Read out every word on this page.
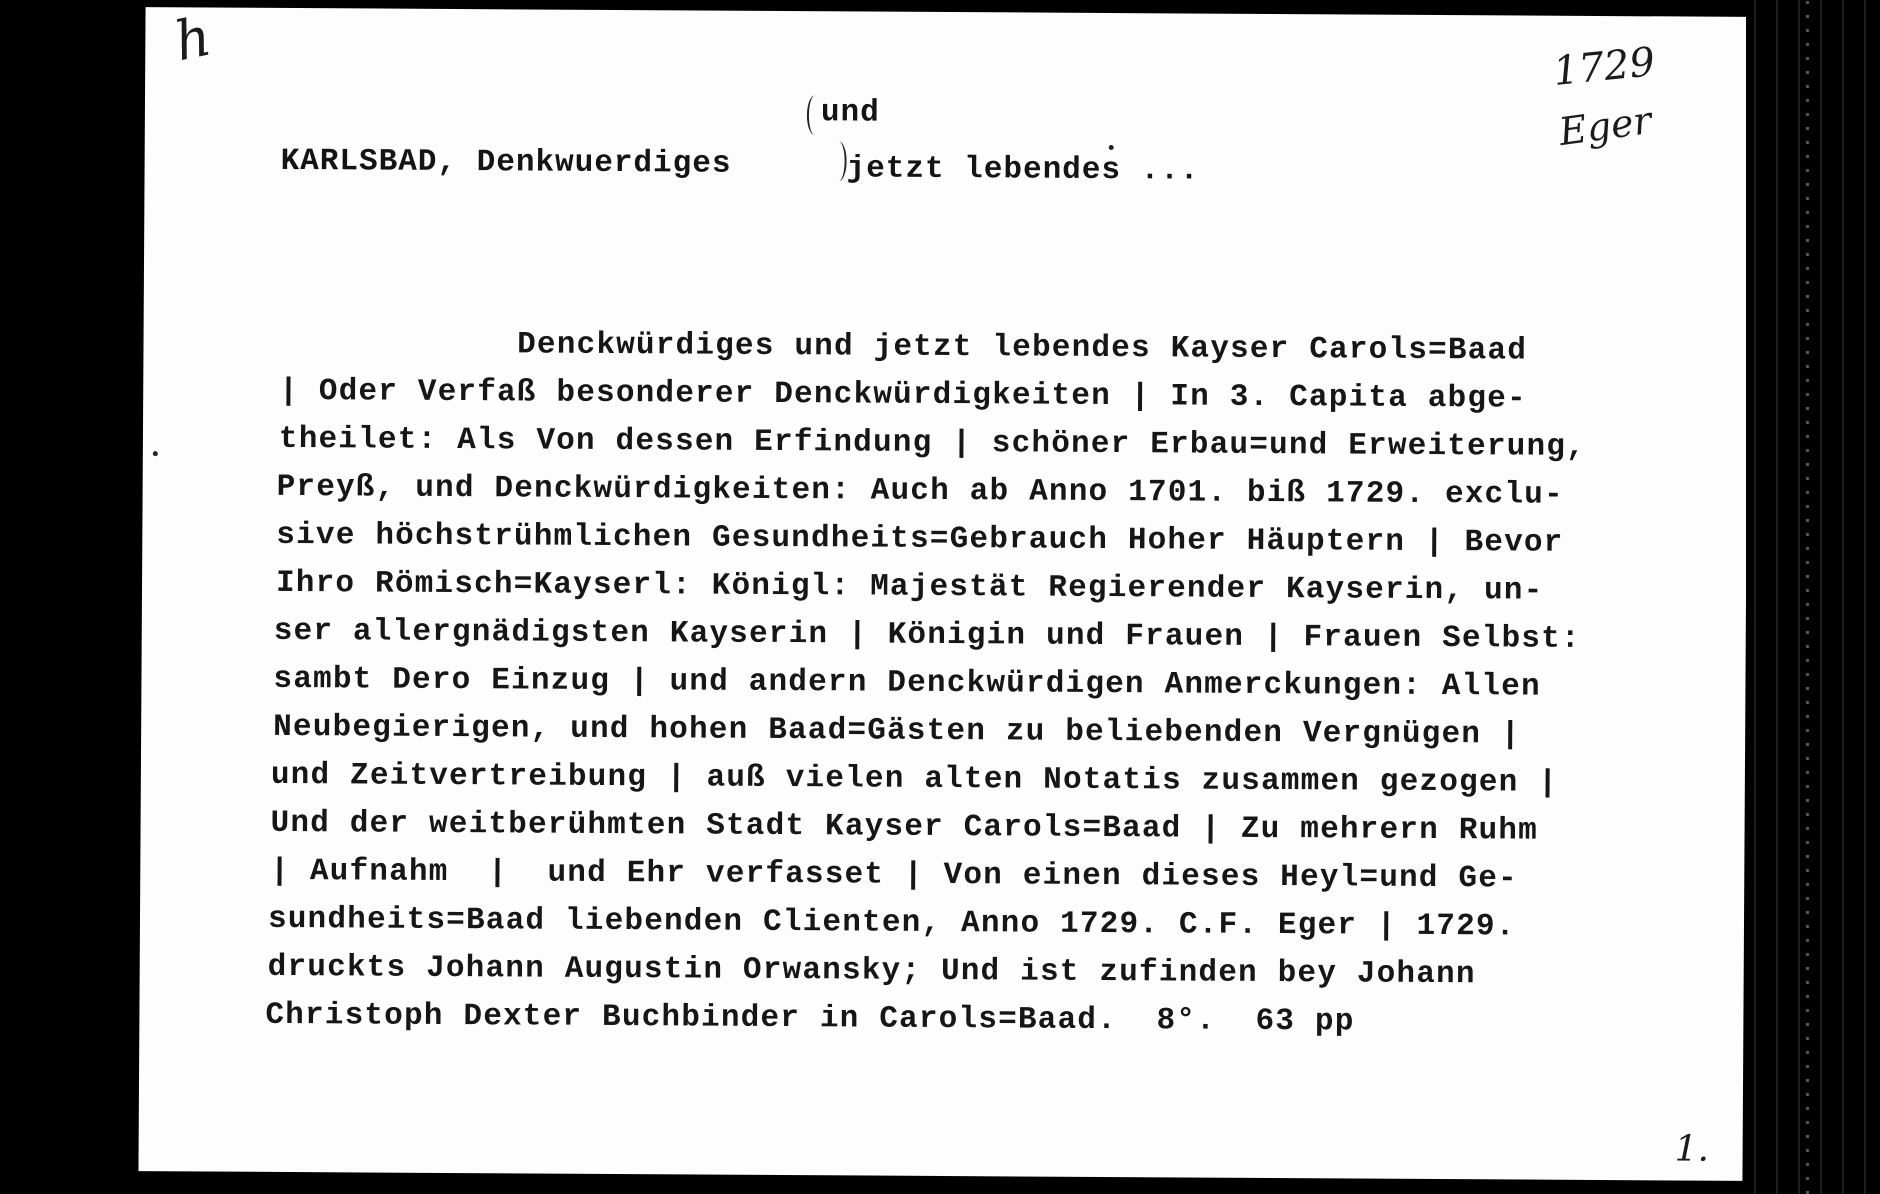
h	1729
Eger
und
KARLSBAD, Denkwuerdiges	jetzt lebendes ...
Denckwürdiges und jetzt lebendes Kayser Carols=Baad
| Oder Verfaß besonderer Denckwürdigkeiten | In 3. Capita abge-
theilet: Als Von dessen Erfindung | schöner Erbau=und Erweiterung,
Preyß, und Denckwürdigkeiten: Auch ab Anno 1701. biß 1729. exclu-
sive höchstrühmlichen Gesundheits=Gebrauch Hoher Häuptern | Bevor
Ihro Römisch=Kayserl: Königl: Majestät Regierender Kayserin, un-
ser allergnädigsten Kayserin | Königin und Frauen | Frauen Selbst:
sambt Dero Einzug | und andern Denckwürdigen Anmerckungen: Allen
Neubegierigen, und hohen Baad=Gästen zu beliebenden Vergnügen |
und Zeitvertreibung | auß vielen alten Notatis zusammen gezogen |
Und der weitberühmten Stadt Kayser Carols=Baad | Zu mehrern Ruhm
| Aufnahm  |  und Ehr verfasset | Von einen dieses Heyl=und Ge-
sundheits=Baad liebenden Clienten, Anno 1729. C.F. Eger | 1729.
druckts Johann Augustin Orwansky; Und ist zufinden bey Johann
Christoph Dexter Buchbinder in Carols=Baad.  8°.  63 pp
1.
